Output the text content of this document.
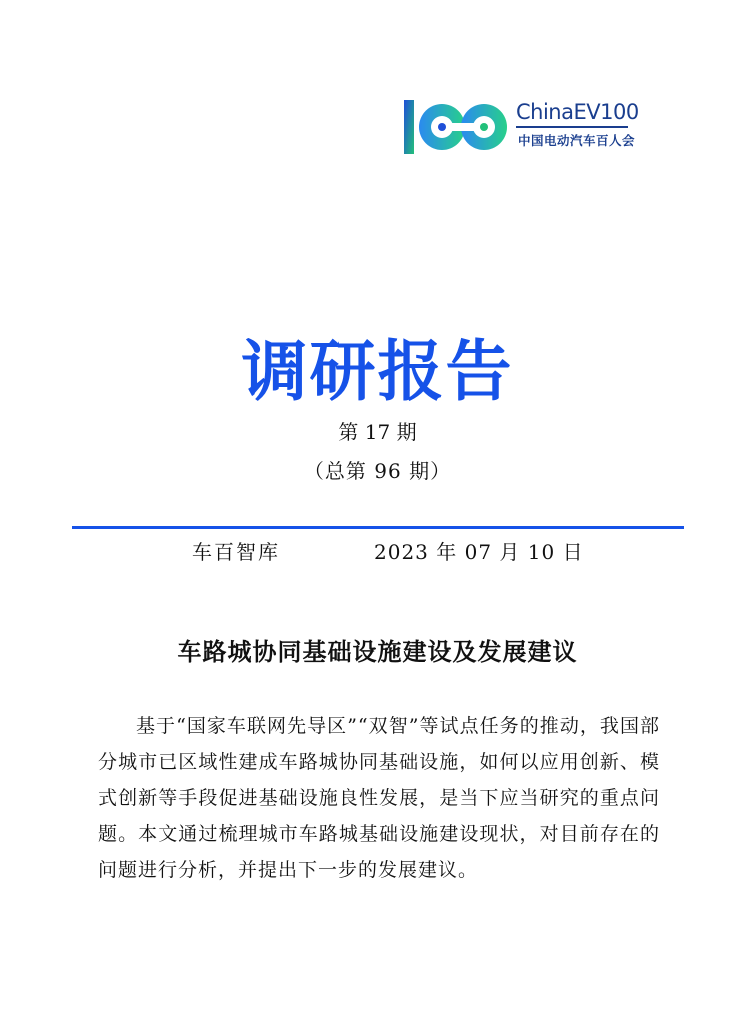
ChinaEV100
中国电动汽车百人会
调研报告
第 17 期
（总第 96 期）
车百智库	2023 年 07 月 10 日
车路城协同基础设施建设及发展建议

基于“国家车联网先导区”“双智”等试点任务的推动，我国部分城市已区域性建成车路城协同基础设施，如何以应用创新、模式创新等手段促进基础设施良性发展，是当下应当研究的重点问题。本文通过梳理城市车路城基础设施建设现状，对目前存在的问题进行分析，并提出下一步的发展建议。
